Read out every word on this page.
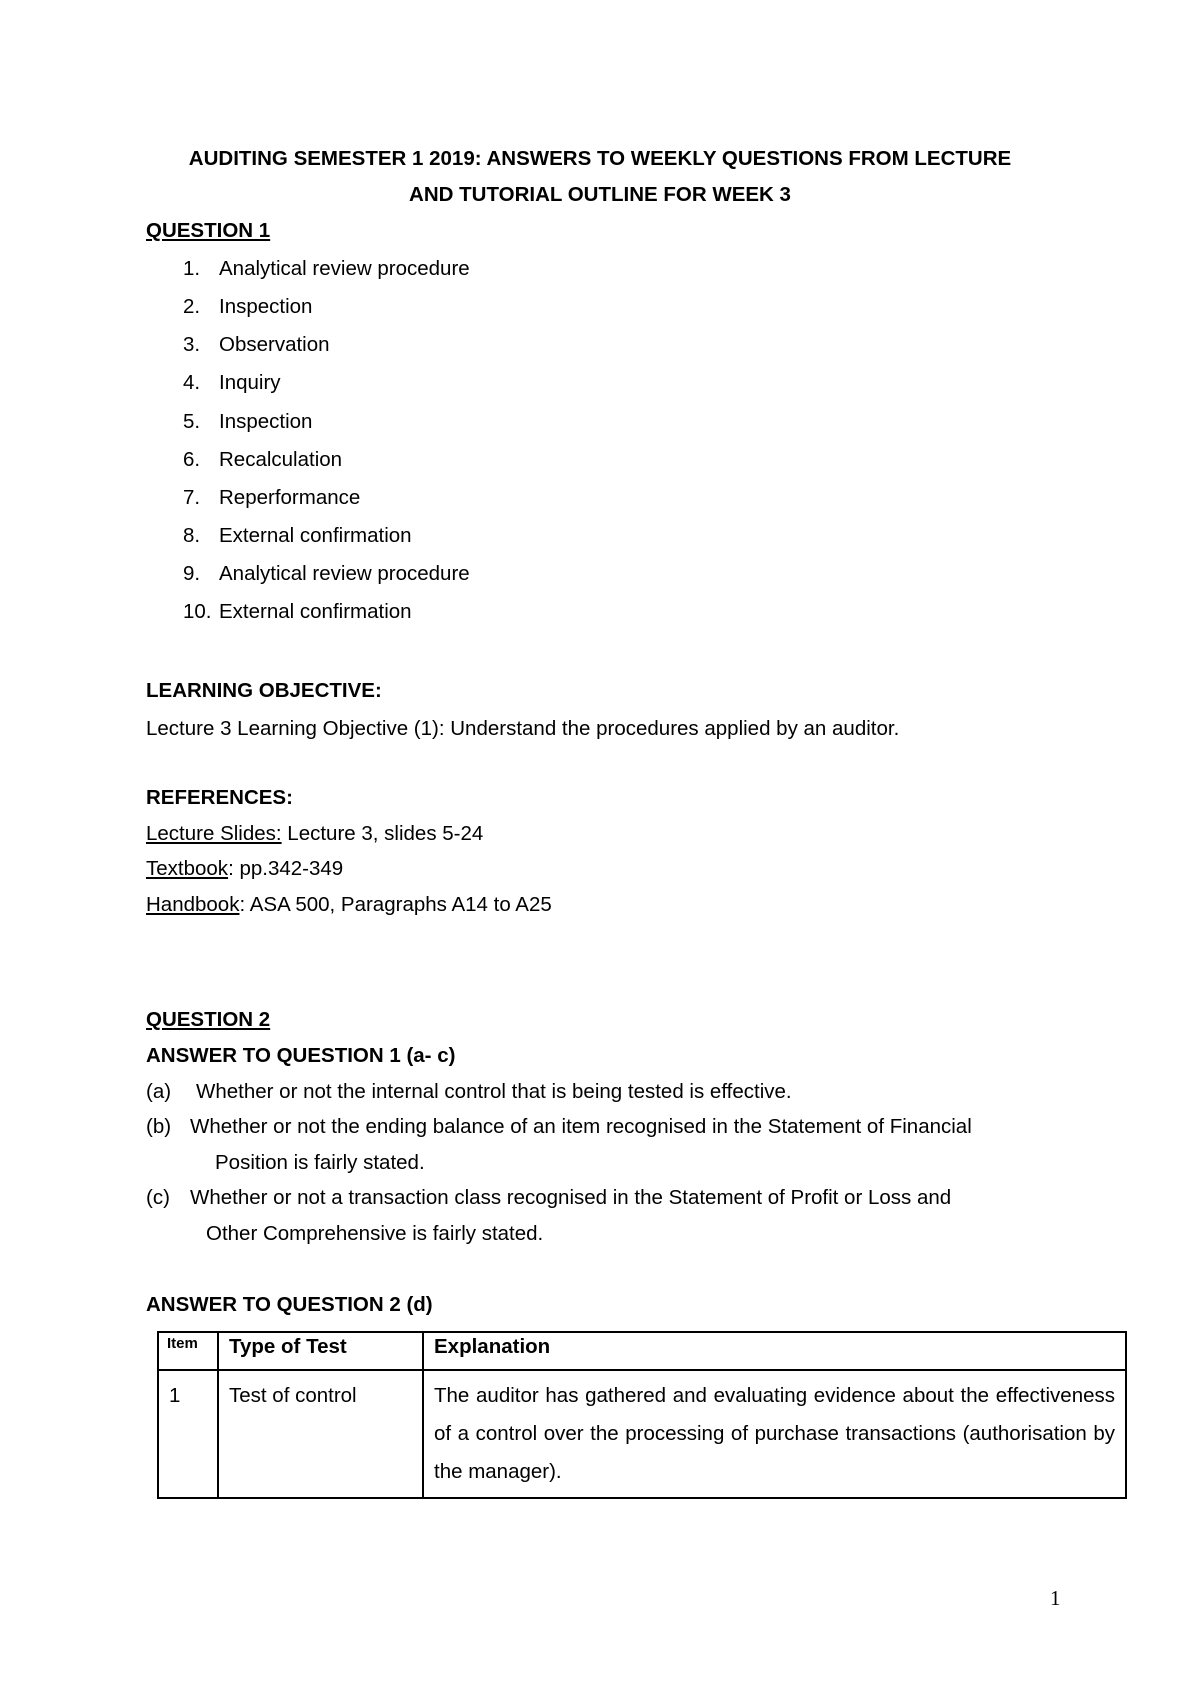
AUDITING SEMESTER 1 2019: ANSWERS TO WEEKLY QUESTIONS FROM LECTURE
AND TUTORIAL OUTLINE FOR WEEK 3
QUESTION 1
1. Analytical review procedure
2. Inspection
3. Observation
4. Inquiry
5. Inspection
6. Recalculation
7. Reperformance
8. External confirmation
9. Analytical review procedure
10. External confirmation
LEARNING OBJECTIVE:
Lecture 3 Learning Objective (1): Understand the procedures applied by an auditor.
REFERENCES:
Lecture Slides: Lecture 3, slides 5-24
Textbook: pp.342-349
Handbook: ASA 500, Paragraphs A14 to A25
QUESTION 2
ANSWER TO QUESTION 1 (a- c)
(a) Whether or not the internal control that is being tested is effective.
(b) Whether or not the ending balance of an item recognised in the Statement of Financial
Position is fairly stated.
(c) Whether or not a transaction class recognised in the Statement of Profit or Loss and
Other Comprehensive is fairly stated.
ANSWER TO QUESTION 2 (d)
Item	Type of Test	Explanation
1	Test of control	The auditor has gathered and evaluating evidence about the effectiveness of a control over the processing of purchase transactions (authorisation by the manager).
1
